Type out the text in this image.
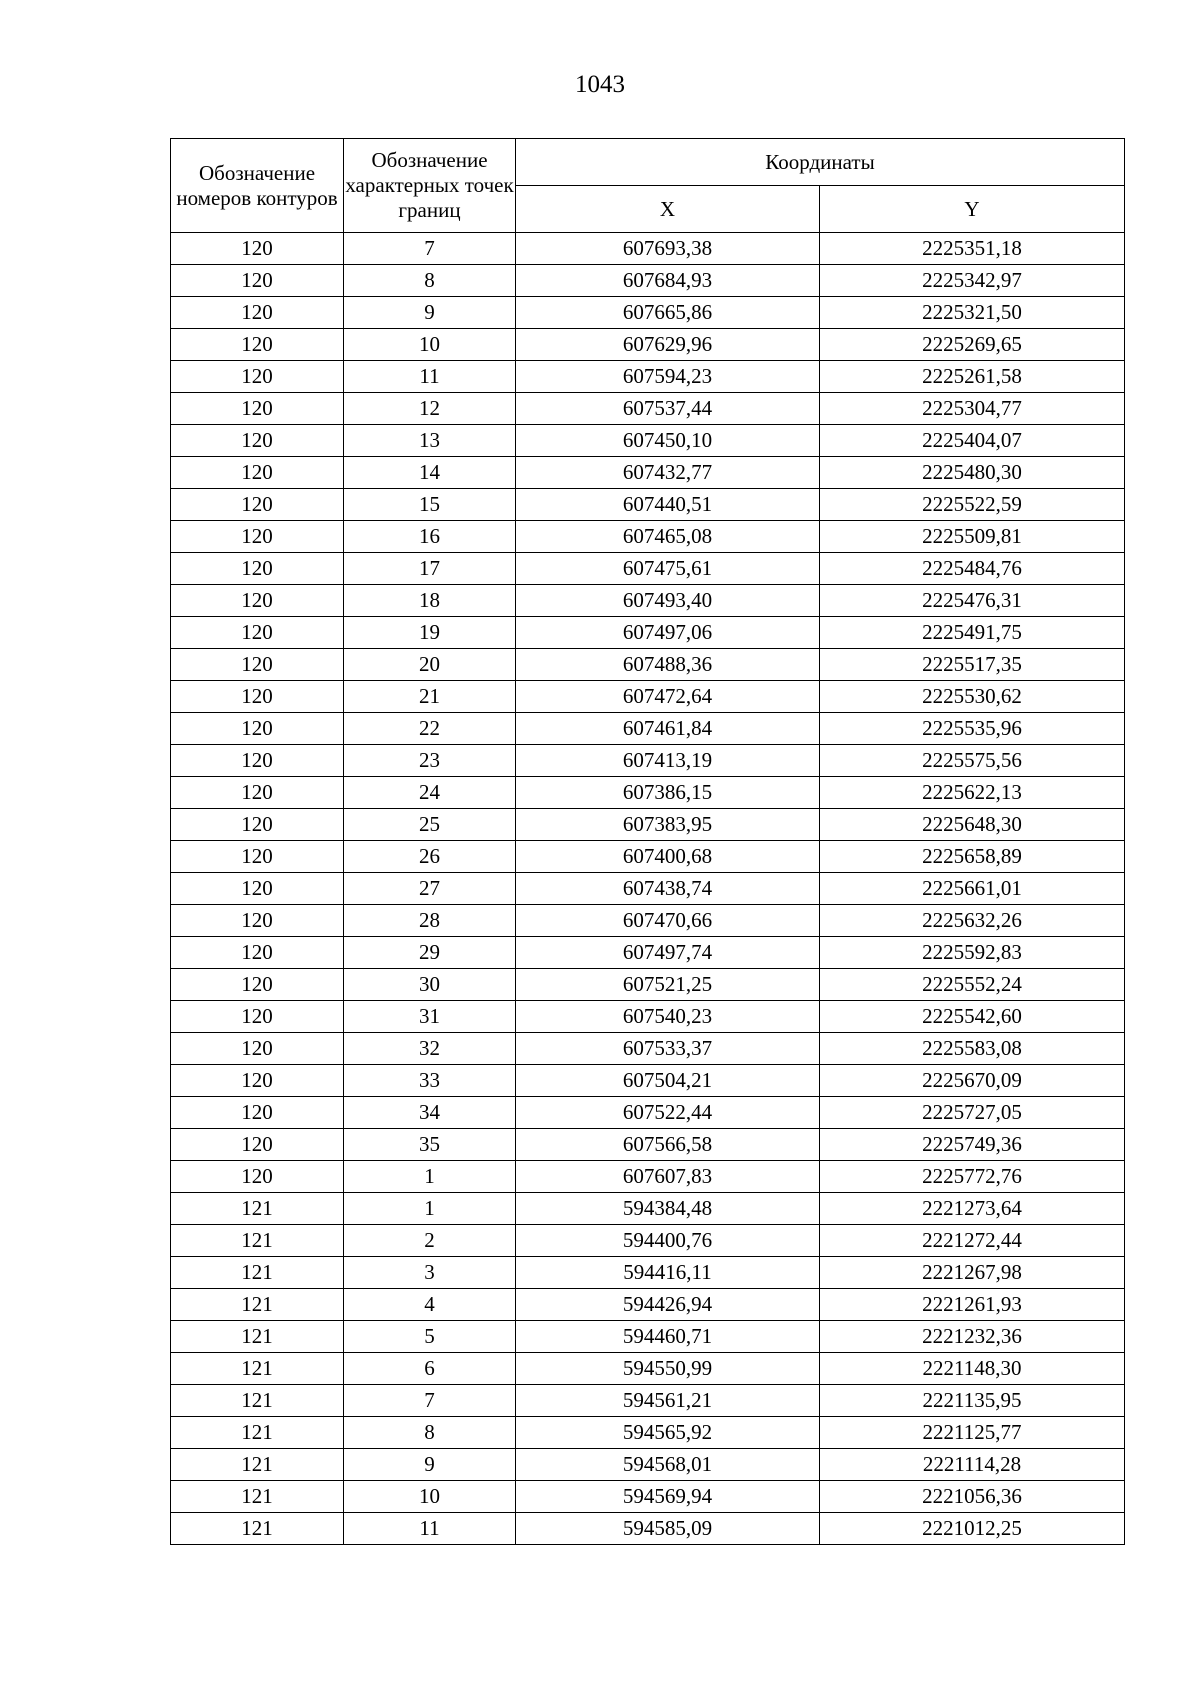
1043
Обозначение номеров контуров	Обозначение характерных точек границ	Координаты	
		X	Y
120	7	607693,38	2225351,18
120	8	607684,93	2225342,97
120	9	607665,86	2225321,50
120	10	607629,96	2225269,65
120	11	607594,23	2225261,58
120	12	607537,44	2225304,77
120	13	607450,10	2225404,07
120	14	607432,77	2225480,30
120	15	607440,51	2225522,59
120	16	607465,08	2225509,81
120	17	607475,61	2225484,76
120	18	607493,40	2225476,31
120	19	607497,06	2225491,75
120	20	607488,36	2225517,35
120	21	607472,64	2225530,62
120	22	607461,84	2225535,96
120	23	607413,19	2225575,56
120	24	607386,15	2225622,13
120	25	607383,95	2225648,30
120	26	607400,68	2225658,89
120	27	607438,74	2225661,01
120	28	607470,66	2225632,26
120	29	607497,74	2225592,83
120	30	607521,25	2225552,24
120	31	607540,23	2225542,60
120	32	607533,37	2225583,08
120	33	607504,21	2225670,09
120	34	607522,44	2225727,05
120	35	607566,58	2225749,36
120	1	607607,83	2225772,76
121	1	594384,48	2221273,64
121	2	594400,76	2221272,44
121	3	594416,11	2221267,98
121	4	594426,94	2221261,93
121	5	594460,71	2221232,36
121	6	594550,99	2221148,30
121	7	594561,21	2221135,95
121	8	594565,92	2221125,77
121	9	594568,01	2221114,28
121	10	594569,94	2221056,36
121	11	594585,09	2221012,25
